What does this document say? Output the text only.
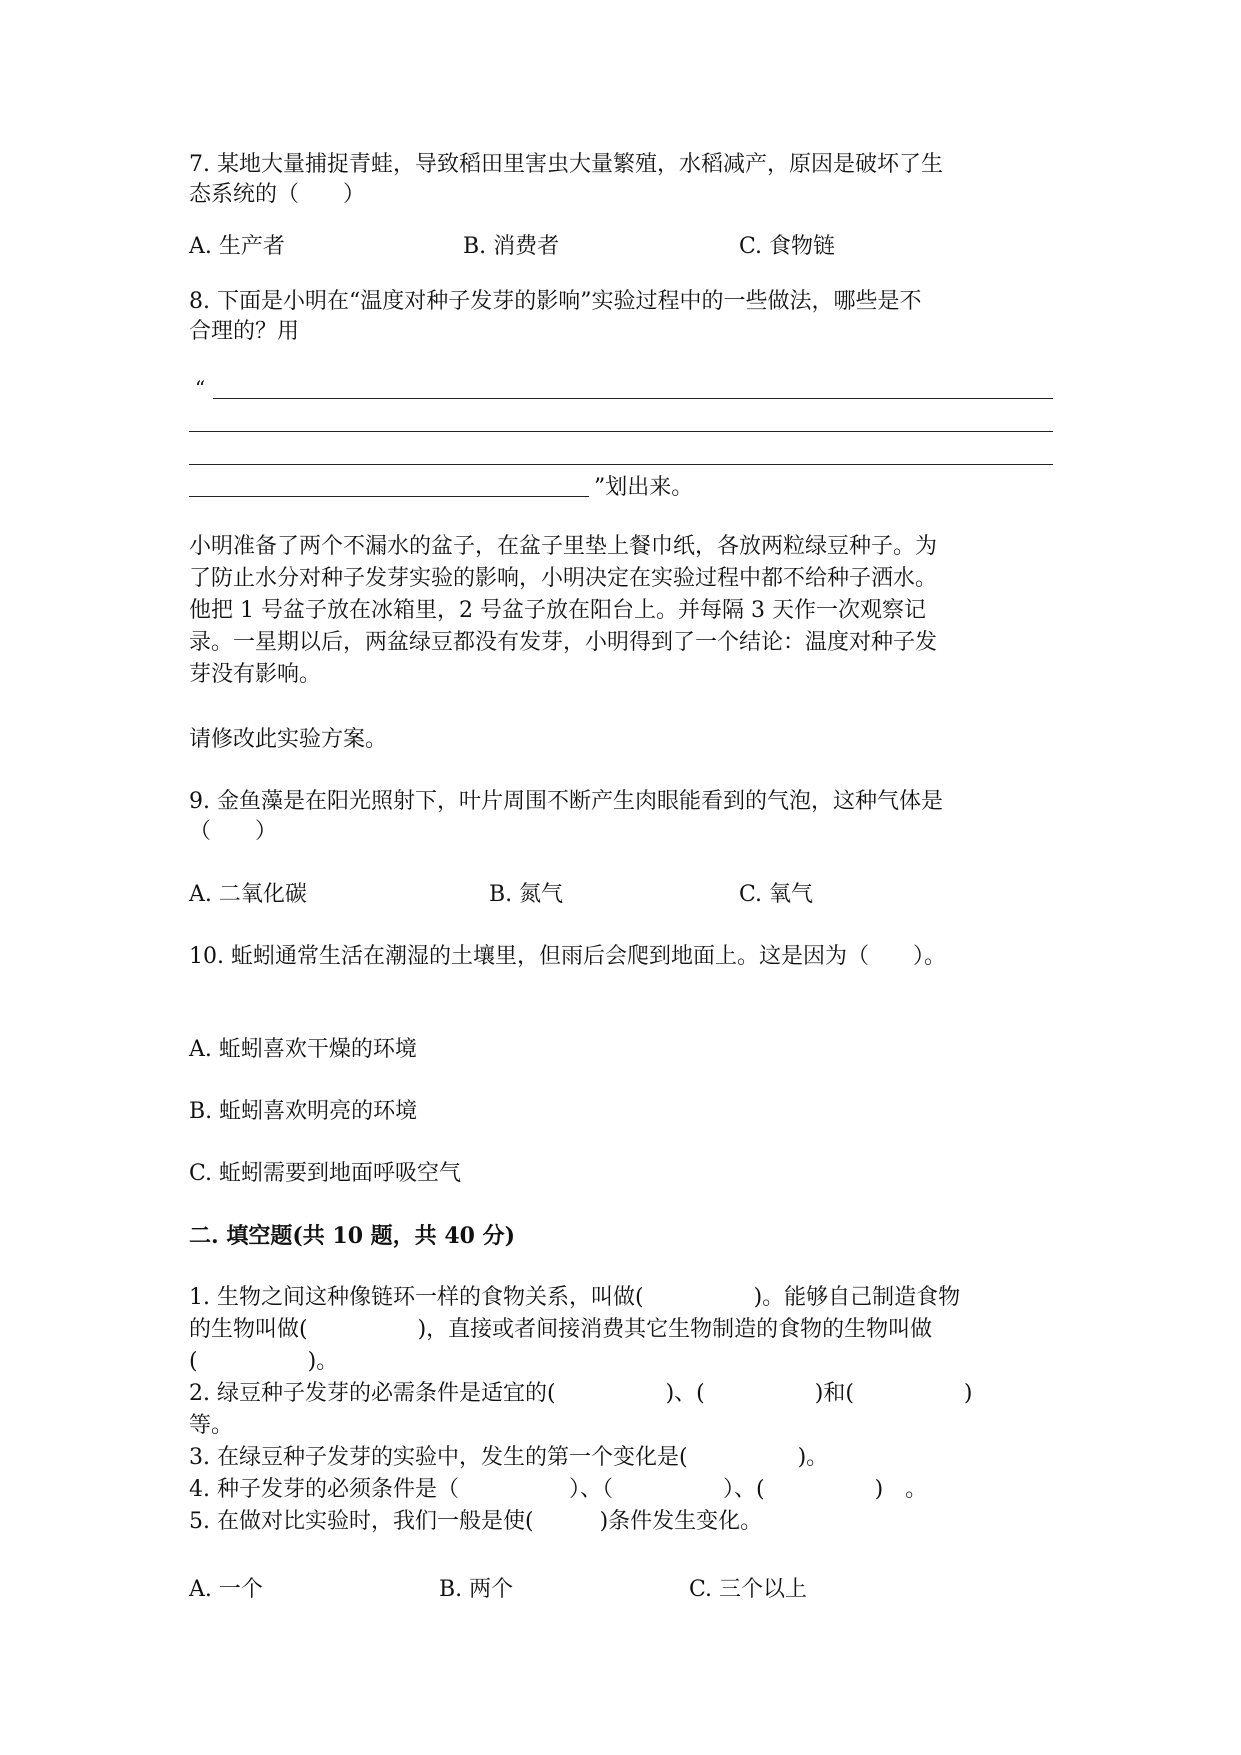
7. 某地大量捕捉青蛙，导致稻田里害虫大量繁殖，水稻减产，原因是破坏了生
态系统的（　　）
A. 生产者	B. 消费者	C. 食物链
8. 下面是小明在“温度对种子发芽的影响”实验过程中的一些做法，哪些是不
合理的？用
“
”划出来。
小明准备了两个不漏水的盆子，在盆子里垫上餐巾纸，各放两粒绿豆种子。为
了防止水分对种子发芽实验的影响，小明决定在实验过程中都不给种子洒水。
他把 1 号盆子放在冰箱里，2 号盆子放在阳台上。并每隔 3 天作一次观察记
录。一星期以后，两盆绿豆都没有发芽，小明得到了一个结论：温度对种子发
芽没有影响。
请修改此实验方案。
9. 金鱼藻是在阳光照射下，叶片周围不断产生肉眼能看到的气泡，这种气体是
（　　）
A. 二氧化碳	B. 氮气	C. 氧气
10. 蚯蚓通常生活在潮湿的土壤里，但雨后会爬到地面上。这是因为（　　）。
A. 蚯蚓喜欢干燥的环境
B. 蚯蚓喜欢明亮的环境
C. 蚯蚓需要到地面呼吸空气
二. 填空题(共 10 题，共 40 分)
1. 生物之间这种像链环一样的食物关系，叫做(　　　　　)。能够自己制造食物
的生物叫做(　　　　　)，直接或者间接消费其它生物制造的食物的生物叫做
(　　　　　)。
2. 绿豆种子发芽的必需条件是适宜的(　　　　　)、(　　　　　)和(　　　　　)
等。
3. 在绿豆种子发芽的实验中，发生的第一个变化是(　　　　　)。
4. 种子发芽的必须条件是（　　　　　）、（　　　　　）、(　　　　　)　。
5. 在做对比实验时，我们一般是使(　　　)条件发生变化。
A. 一个	B. 两个	C. 三个以上
